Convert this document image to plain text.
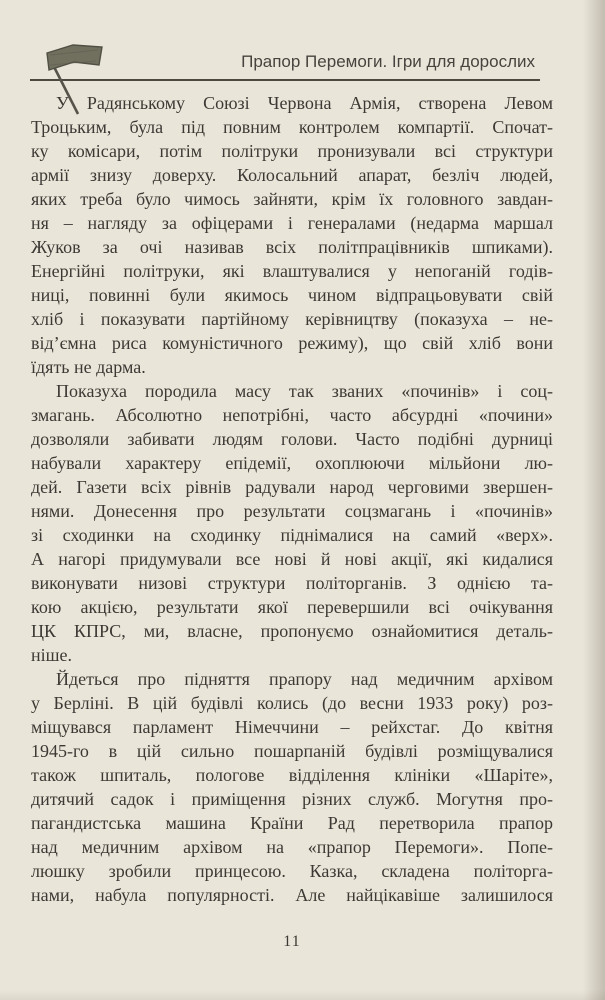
Прапор Перемоги. Ігри для дорослих
У Радянському Союзі Червона Армія, створена Левом
Троцьким, була під повним контролем компартії. Спочат-
ку комісари, потім політруки пронизували всі структури
армії знизу доверху. Колосальний апарат, безліч людей,
яких треба було чимось зайняти, крім їх головного завдан-
ня – нагляду за офіцерами і генералами (недарма маршал
Жуков за очі називав всіх політпрацівників шпиками).
Енергійні політруки, які влаштувалися у непоганій годів-
ниці, повинні були якимось чином відпрацьовувати свій
хліб і показувати партійному керівництву (показуха – не-
від’ємна риса комуністичного режиму), що свій хліб вони
їдять не дарма.
Показуха породила масу так званих «починів» і соц-
змагань. Абсолютно непотрібні, часто абсурдні «почини»
дозволяли забивати людям голови. Часто подібні дурниці
набували характеру епідемії, охоплюючи мільйони лю-
дей. Газети всіх рівнів радували народ черговими звершен-
нями. Донесення про результати соцзмагань і «починів»
зі сходинки на сходинку піднімалися на самий «верх».
А нагорі придумували все нові й нові акції, які кидалися
виконувати низові структури політорганів. З однією та-
кою акцією, результати якої перевершили всі очікування
ЦК КПРС, ми, власне, пропонуємо ознайомитися деталь-
ніше.
Йдеться про підняття прапору над медичним архівом
у Берліні. В цій будівлі колись (до весни 1933 року) роз-
міщувався парламент Німеччини – рейхстаг. До квітня
1945-го в цій сильно пошарпаній будівлі розміщувалися
також шпиталь, пологове відділення клініки «Шаріте»,
дитячий садок і приміщення різних служб. Могутня про-
пагандистська машина Країни Рад перетворила прапор
над медичним архівом на «прапор Перемоги». Попе-
люшку зробили принцесою. Казка, складена політорга-
нами, набула популярності. Але найцікавіше залишилося
11
